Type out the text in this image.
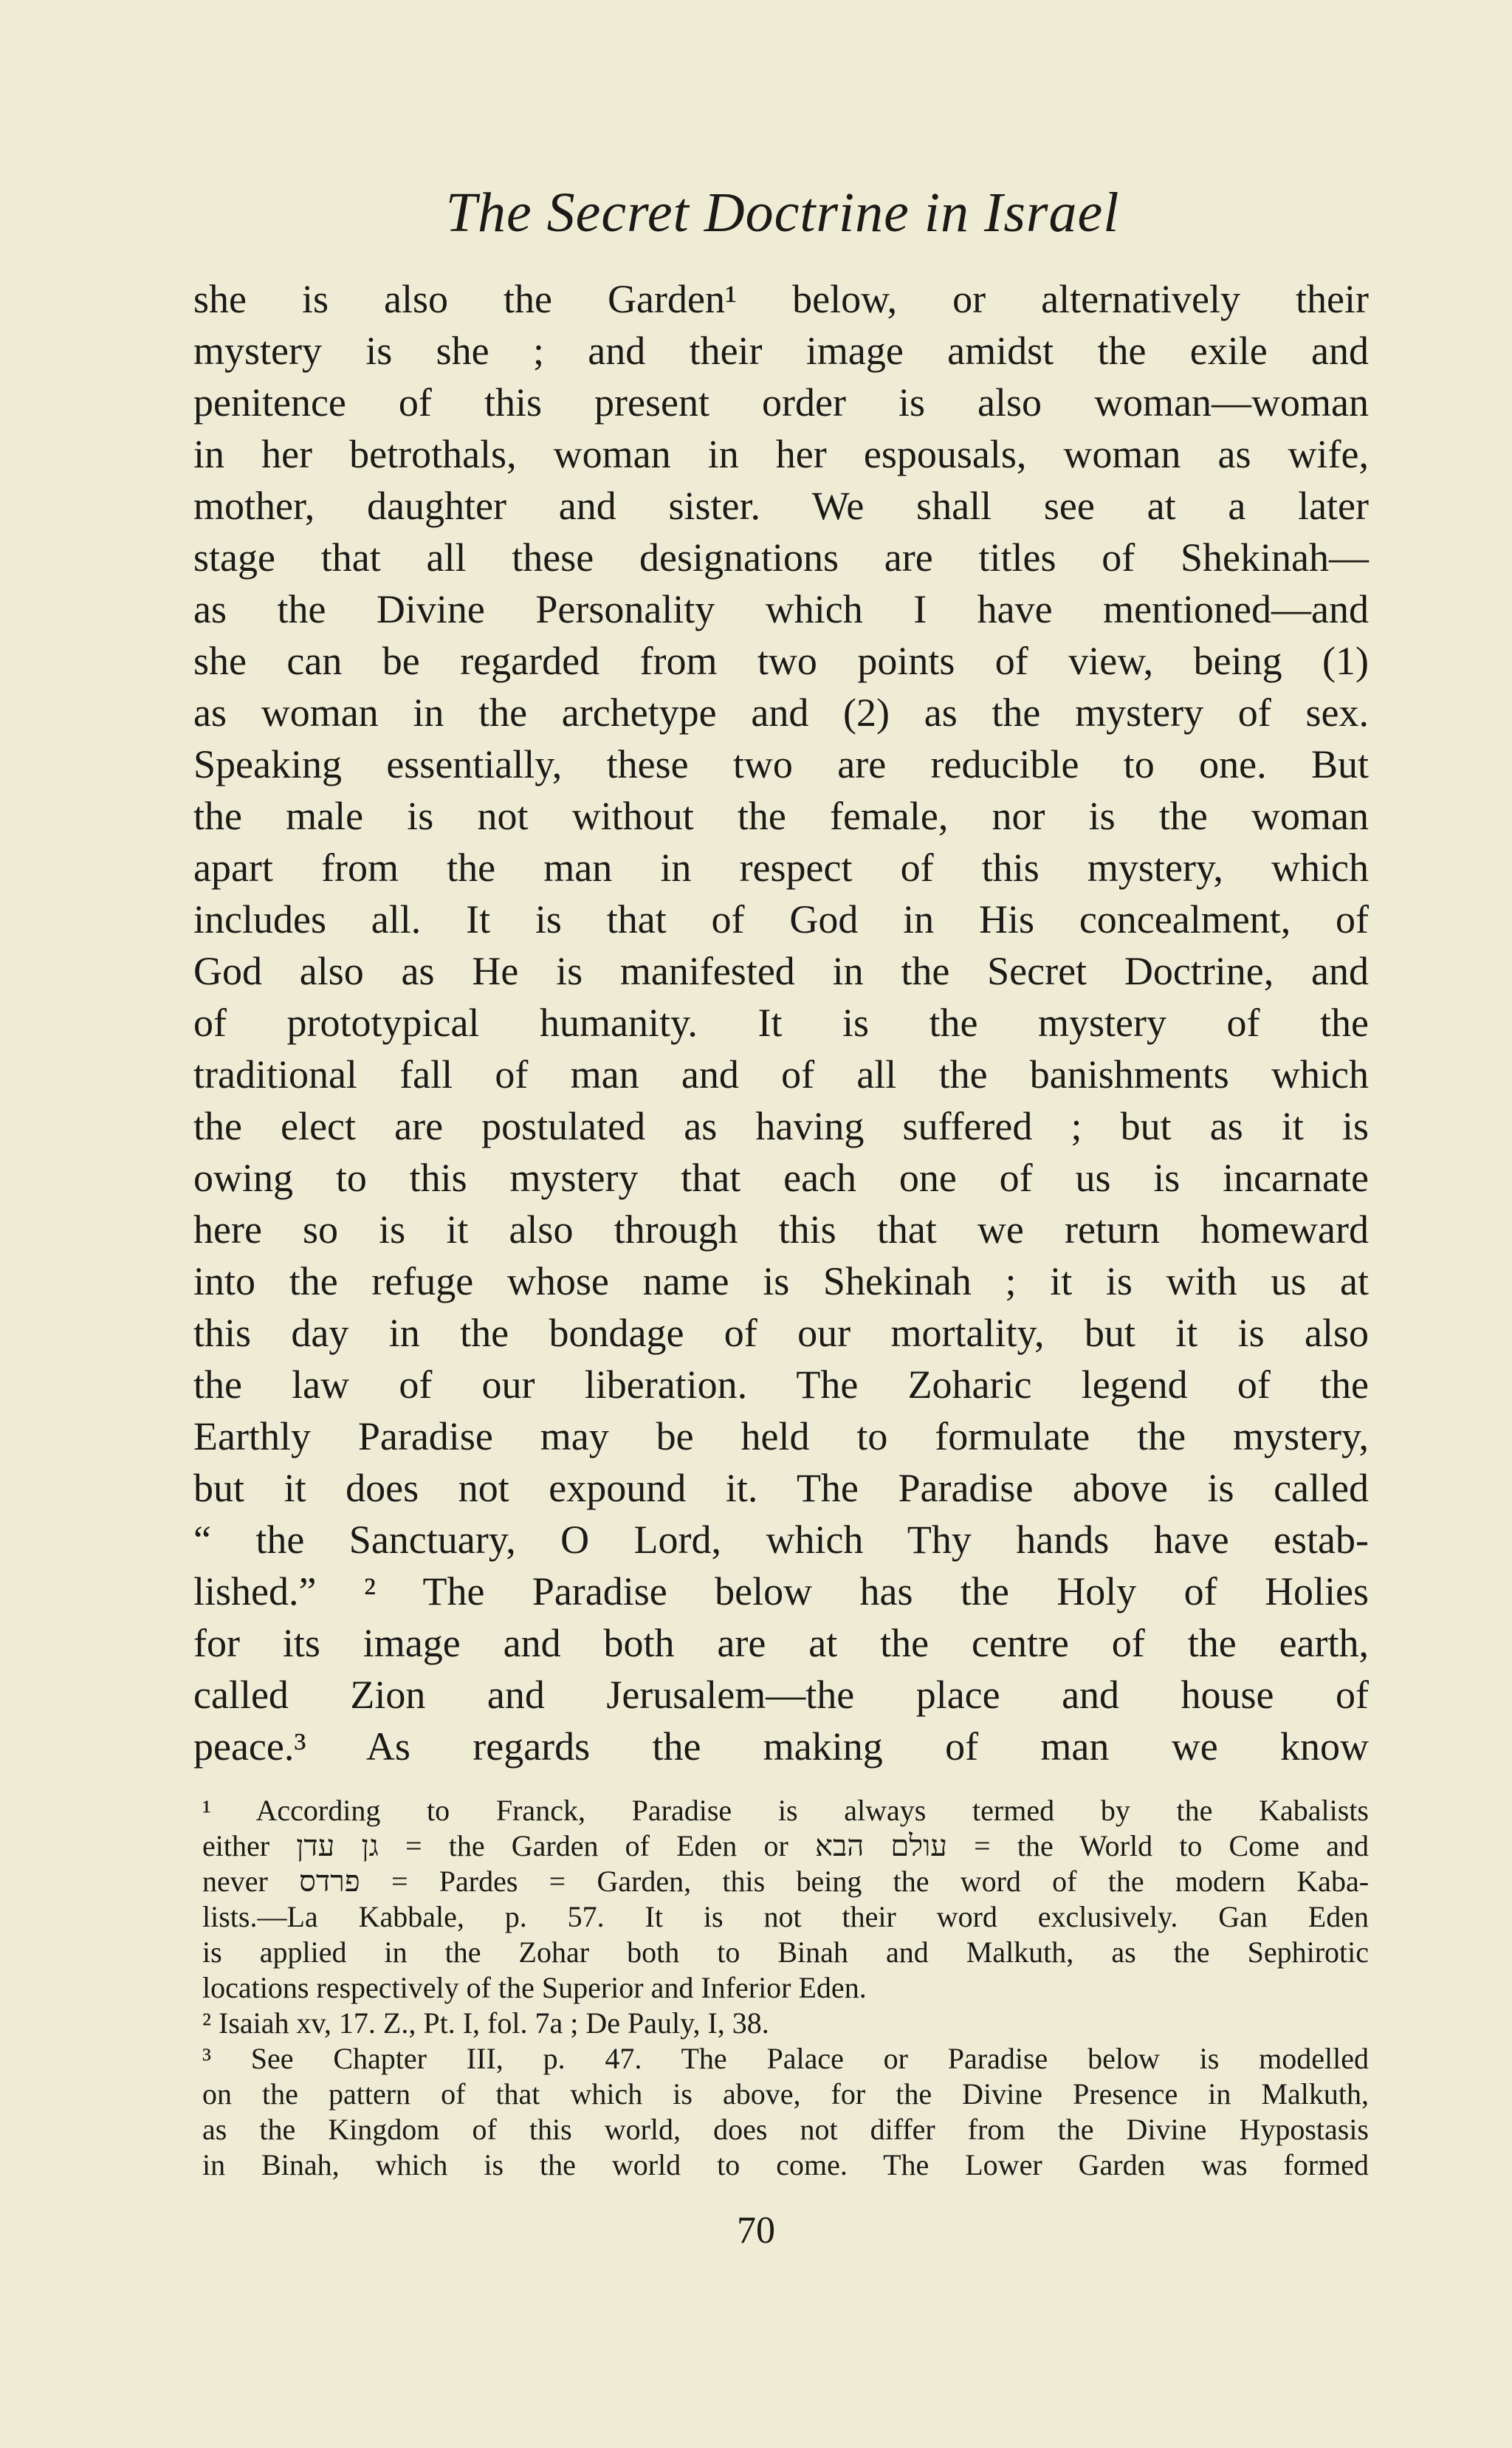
The Secret Doctrine in Israel
she is also the Garden¹ below, or alternatively their
mystery is she ; and their image amidst the exile and
penitence of this present order is also woman—woman
in her betrothals, woman in her espousals, woman as wife,
mother, daughter and sister. We shall see at a later
stage that all these designations are titles of Shekinah—
as the Divine Personality which I have mentioned—and
she can be regarded from two points of view, being (1)
as woman in the archetype and (2) as the mystery of sex.
Speaking essentially, these two are reducible to one. But
the male is not without the female, nor is the woman
apart from the man in respect of this mystery, which
includes all. It is that of God in His concealment, of
God also as He is manifested in the Secret Doctrine, and
of prototypical humanity. It is the mystery of the
traditional fall of man and of all the banishments which
the elect are postulated as having suffered ; but as it is
owing to this mystery that each one of us is incarnate
here so is it also through this that we return homeward
into the refuge whose name is Shekinah ; it is with us at
this day in the bondage of our mortality, but it is also
the law of our liberation. The Zoharic legend of the
Earthly Paradise may be held to formulate the mystery,
but it does not expound it. The Paradise above is called
“ the Sanctuary, O Lord, which Thy hands have estab-
lished.” ² The Paradise below has the Holy of Holies
for its image and both are at the centre of the earth,
called Zion and Jerusalem—the place and house of
peace.³ As regards the making of man we know
¹ According to Franck, Paradise is always termed by the Kabalists
either גן עדן = the Garden of Eden or עולם הבא = the World to Come and
never פרדס = Pardes = Garden, this being the word of the modern Kaba-
lists.—La Kabbale, p. 57. It is not their word exclusively. Gan Eden
is applied in the Zohar both to Binah and Malkuth, as the Sephirotic
locations respectively of the Superior and Inferior Eden.
² Isaiah xv, 17. Z., Pt. I, fol. 7a ; De Pauly, I, 38.
³ See Chapter III, p. 47. The Palace or Paradise below is modelled
on the pattern of that which is above, for the Divine Presence in Malkuth,
as the Kingdom of this world, does not differ from the Divine Hypostasis
in Binah, which is the world to come. The Lower Garden was formed
70
